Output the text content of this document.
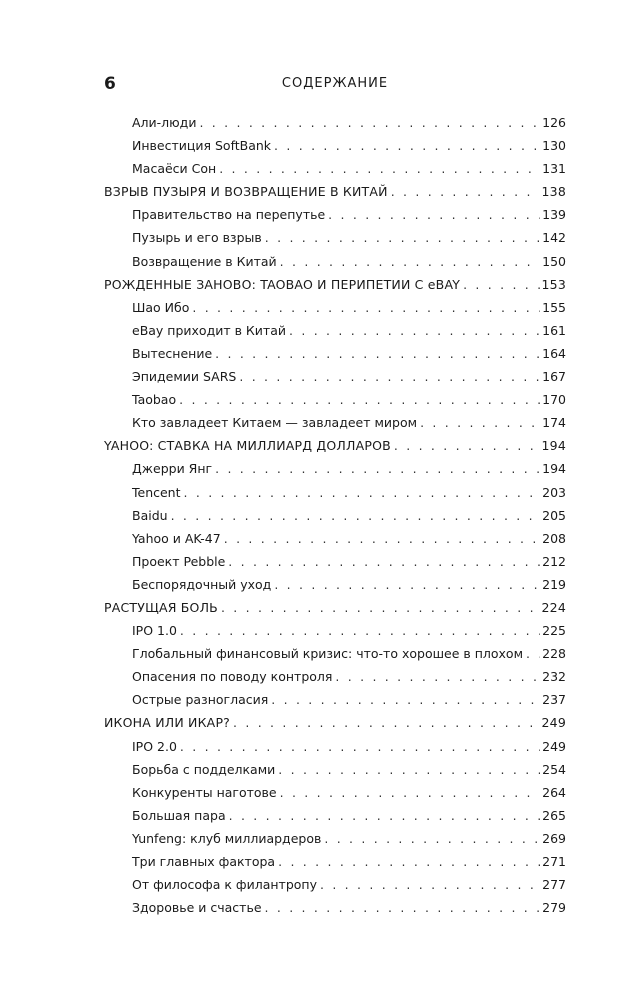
6	СОДЕРЖАНИЕ
Али-люди . . .	126
Инвестиция SoftBank . . .	130
Масаёси Сон . . .	131
ВЗРЫВ ПУЗЫРЯ И ВОЗВРАЩЕНИЕ В КИТАЙ . . .	138
Правительство на перепутье . . .	139
Пузырь и его взрыв . . .	142
Возвращение в Китай . . .	150
РОЖДЕННЫЕ ЗАНОВО: TAOBAO И ПЕРИПЕТИИ С eBAY . . .	153
Шао Ибо . . .	155
eBay приходит в Китай . . .	161
Вытеснение . . .	164
Эпидемии SARS . . .	167
Taobao . . .	170
Кто завладеет Китаем — завладеет миром . . .	174
YAHOO: СТАВКА НА МИЛЛИАРД ДОЛЛАРОВ . . .	194
Джерри Янг . . .	194
Tencent . . .	203
Baidu . . .	205
Yahoo и AK-47 . . .	208
Проект Pebble . . .	212
Беспорядочный уход . . .	219
РАСТУЩАЯ БОЛЬ . . .	224
IPO 1.0 . . .	225
Глобальный финансовый кризис: что-то хорошее в плохом . . . 228
Опасения по поводу контроля . . .	232
Острые разногласия . . .	237
ИКОНА ИЛИ ИКАР? . . .	249
IPO 2.0 . . .	249
Борьба с подделками . . .	254
Конкуренты наготове . . .	264
Большая пара . . .	265
Yunfeng: клуб миллиардеров . . .	269
Три главных фактора . . .	271
От философа к филантропу . . .	277
Здоровье и счастье . . .	279
